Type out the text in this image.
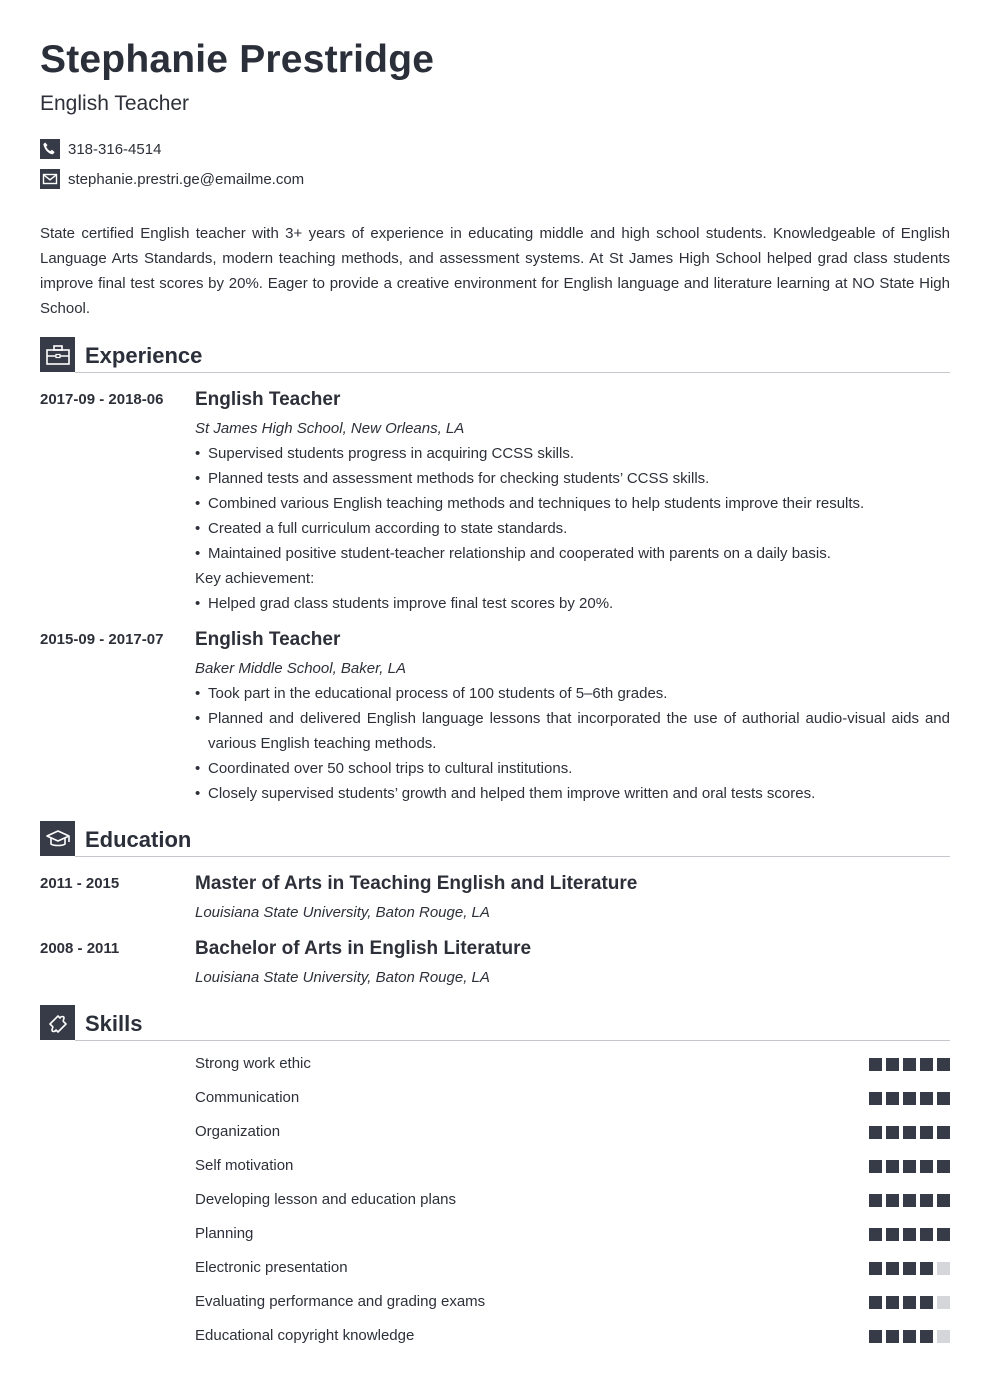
Stephanie Prestridge
English Teacher
318-316-4514
stephanie.prestri.ge@emailme.com
State certified English teacher with 3+ years of experience in educating middle and high school students. Knowledgeable of English Language Arts Standards, modern teaching methods, and assessment systems. At St James High School helped grad class students improve final test scores by 20%. Eager to provide a creative environment for English language and literature learning at NO State High School.
Experience
2017-09 - 2018-06 English Teacher
St James High School, New Orleans, LA
• Supervised students progress in acquiring CCSS skills.
• Planned tests and assessment methods for checking students’ CCSS skills.
• Combined various English teaching methods and techniques to help students improve their results.
• Created a full curriculum according to state standards.
• Maintained positive student-teacher relationship and cooperated with parents on a daily basis.
Key achievement:
• Helped grad class students improve final test scores by 20%.
2015-09 - 2017-07 English Teacher
Baker Middle School, Baker, LA
• Took part in the educational process of 100 students of 5–6th grades.
• Planned and delivered English language lessons that incorporated the use of authorial audio-visual aids and various English teaching methods.
• Coordinated over 50 school trips to cultural institutions.
• Closely supervised students’ growth and helped them improve written and oral tests scores.
Education
2011 - 2015	Master of Arts in Teaching English and Literature
Louisiana State University, Baton Rouge, LA
2008 - 2011	Bachelor of Arts in English Literature
Louisiana State University, Baton Rouge, LA
Skills
Strong work ethic
Communication
Organization
Self motivation
Developing lesson and education plans
Planning
Electronic presentation
Evaluating performance and grading exams
Educational copyright knowledge
